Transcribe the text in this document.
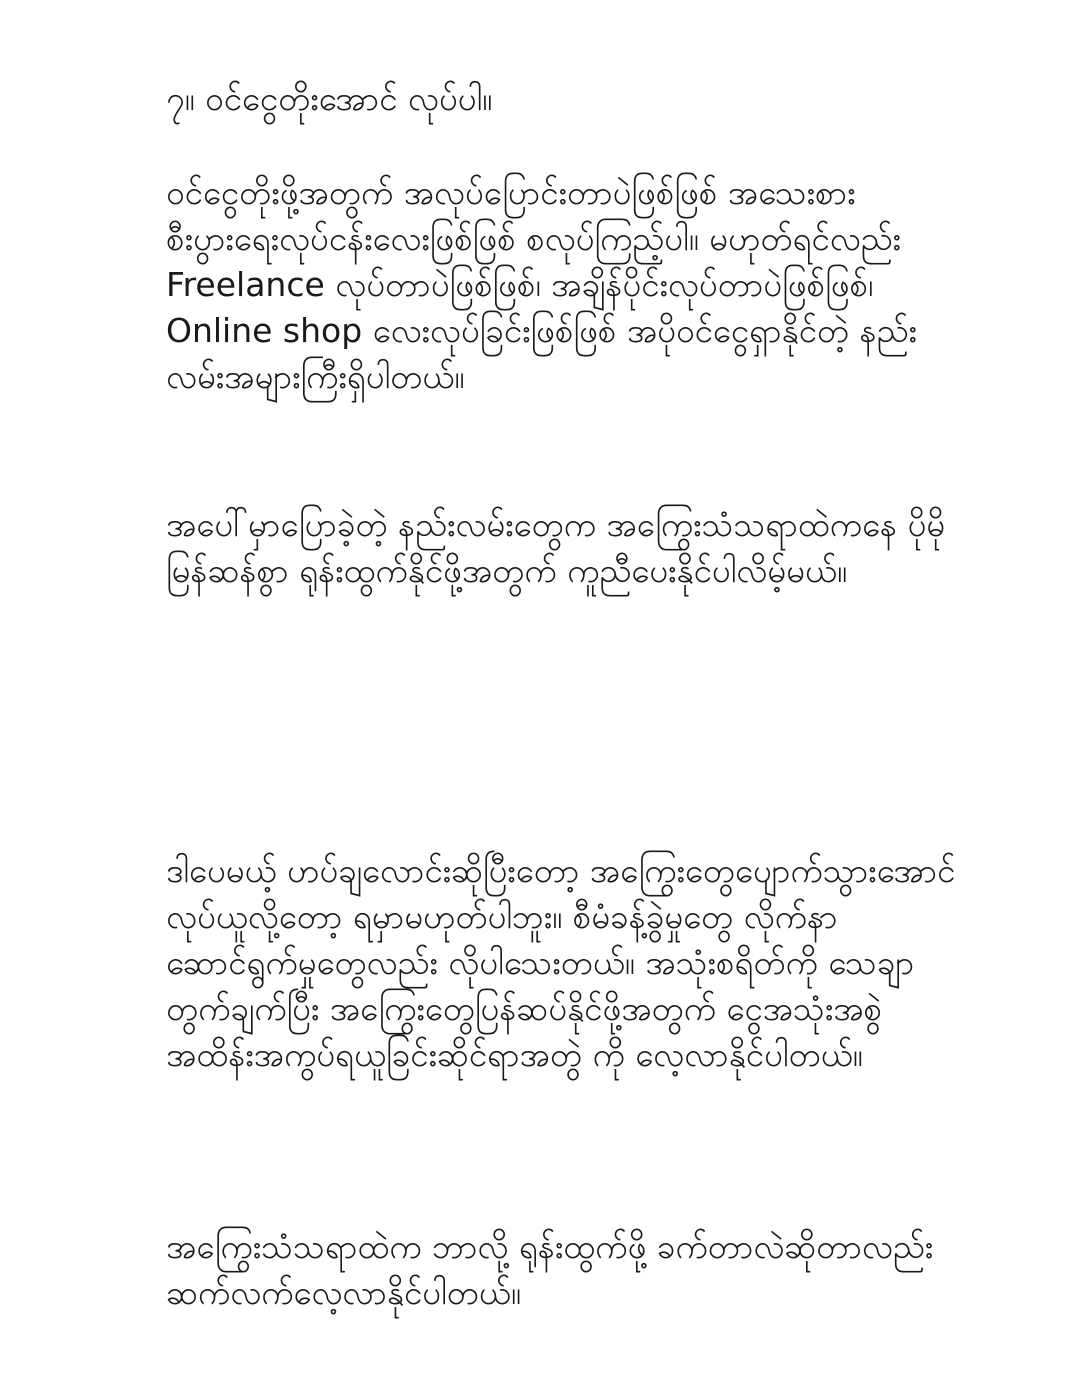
၇။ ဝင်ငွေတိုးအောင် လုပ်ပါ။

ဝင်ငွေတိုးဖို့အတွက် အလုပ်ပြောင်းတာပဲဖြစ်ဖြစ် အသေးစား စီးပွားရေးလုပ်ငန်းလေးဖြစ်ဖြစ် စလုပ်ကြည့်ပါ။ မဟုတ်ရင်လည်း Freelance လုပ်တာပဲဖြစ်ဖြစ်၊ အချိန်ပိုင်းလုပ်တာပဲဖြစ်ဖြစ်၊ Online shop လေးလုပ်ခြင်းဖြစ်ဖြစ် အပိုဝင်ငွေရှာနိုင်တဲ့ နည်းလမ်းအများကြီးရှိပါတယ်။

အပေါ်မှာပြောခဲ့တဲ့ နည်းလမ်းတွေက အကြွေးသံသရာထဲကနေ ပိုမိုမြန်ဆန်စွာ ရုန်းထွက်နိုင်ဖို့အတွက် ကူညီပေးနိုင်ပါလိမ့်မယ်။

ဒါပေမယ့် ဟပ်ချလောင်းဆိုပြီးတော့ အကြွေးတွေပျောက်သွားအောင်လုပ်ယူလို့တော့ ရမှာမဟုတ်ပါဘူး။ စီမံခန့်ခွဲမှုတွေ လိုက်နာဆောင်ရွက်မှုတွေလည်း လိုပါသေးတယ်။ အသုံးစရိတ်ကို သေချာတွက်ချက်ပြီး အကြွေးတွေပြန်ဆပ်နိုင်ဖို့အတွက် ငွေအသုံးအစွဲ အထိန်းအကွပ်ရယူခြင်းဆိုင်ရာအတွဲ ကို လေ့လာနိုင်ပါတယ်။

အကြွေးသံသရာထဲက ဘာလို့ ရုန်းထွက်ဖို့ ခက်တာလဲဆိုတာလည်း ဆက်လက်လေ့လာနိုင်ပါတယ်။
